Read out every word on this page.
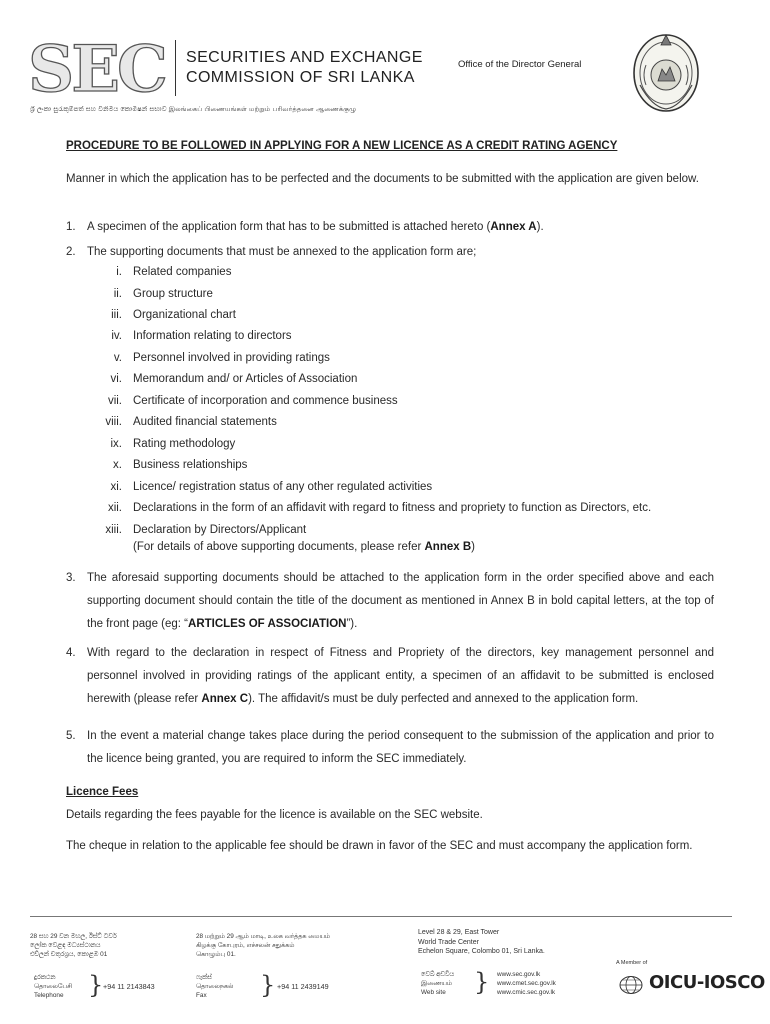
SEC	SECURITIES AND EXCHANGE
COMMISSION OF SRI LANKA
Office of the Director General
ශ්‍රී ලංකා සුරැකුම්පත් සහ විනිමය කොමිෂන් සභාව இலங்கைப் பிணையங்கள் மற்றும் பரிவர்த்தனை ஆணைக்குழு
PROCEDURE TO BE FOLLOWED IN APPLYING FOR A NEW LICENCE AS A CREDIT RATING AGENCY
Manner in which the application has to be perfected and the documents to be submitted with the application are given below.
1. A specimen of the application form that has to be submitted is attached hereto (Annex A).
2. The supporting documents that must be annexed to the application form are;
i. Related companies
ii. Group structure
iii. Organizational chart
iv. Information relating to directors
v. Personnel involved in providing ratings
vi. Memorandum and/ or Articles of Association
vii. Certificate of incorporation and commence business
viii. Audited financial statements
ix. Rating methodology
x. Business relationships
xi. Licence/ registration status of any other regulated activities
xii. Declarations in the form of an affidavit with regard to fitness and propriety to function as Directors, etc.
xiii. Declaration by Directors/Applicant
(For details of above supporting documents, please refer Annex B)
3. The aforesaid supporting documents should be attached to the application form in the order specified above and each supporting document should contain the title of the document as mentioned in Annex B in bold capital letters, at the top of the front page (eg: “ARTICLES OF ASSOCIATION”).
4. With regard to the declaration in respect of Fitness and Propriety of the directors, key management personnel and personnel involved in providing ratings of the applicant entity, a specimen of an affidavit to be submitted is enclosed herewith (please refer Annex C). The affidavit/s must be duly perfected and annexed to the application form.
5. In the event a material change takes place during the period consequent to the submission of the application and prior to the licence being granted, you are required to inform the SEC immediately.
Licence Fees
Details regarding the fees payable for the licence is available on the SEC website.
The cheque in relation to the applicable fee should be drawn in favor of the SEC and must accompany the application form.
28 සහ 29 වන මහල, ඊස්ට් ටවර්
ලෝක වෙළඳ මධ්‍යස්ථානය
එච්ලන් චතුරශ්‍රය, කොළඹ 01
28 மற்றும் 29 ஆம் மாடி, உலக வர்த்தக மையம்
கிழக்கு கோபுரம், எச்சலன் சதுக்கம்
கொழும்பு 01.
Level 28 & 29, East Tower
World Trade Center
Echelon Square, Colombo 01, Sri Lanka.
දුරකථන
தொலைபேசி
Telephone	} +94 11 2143843
ෆැක්ස්
தொலைநகல்
Fax	} +94 11 2439149
වෙබ් අඩවිය
இணையம்
Web site	} www.sec.gov.lk
www.cmet.sec.gov.lk
www.cmic.sec.gov.lk
A Member of
OICU-IOSCO
